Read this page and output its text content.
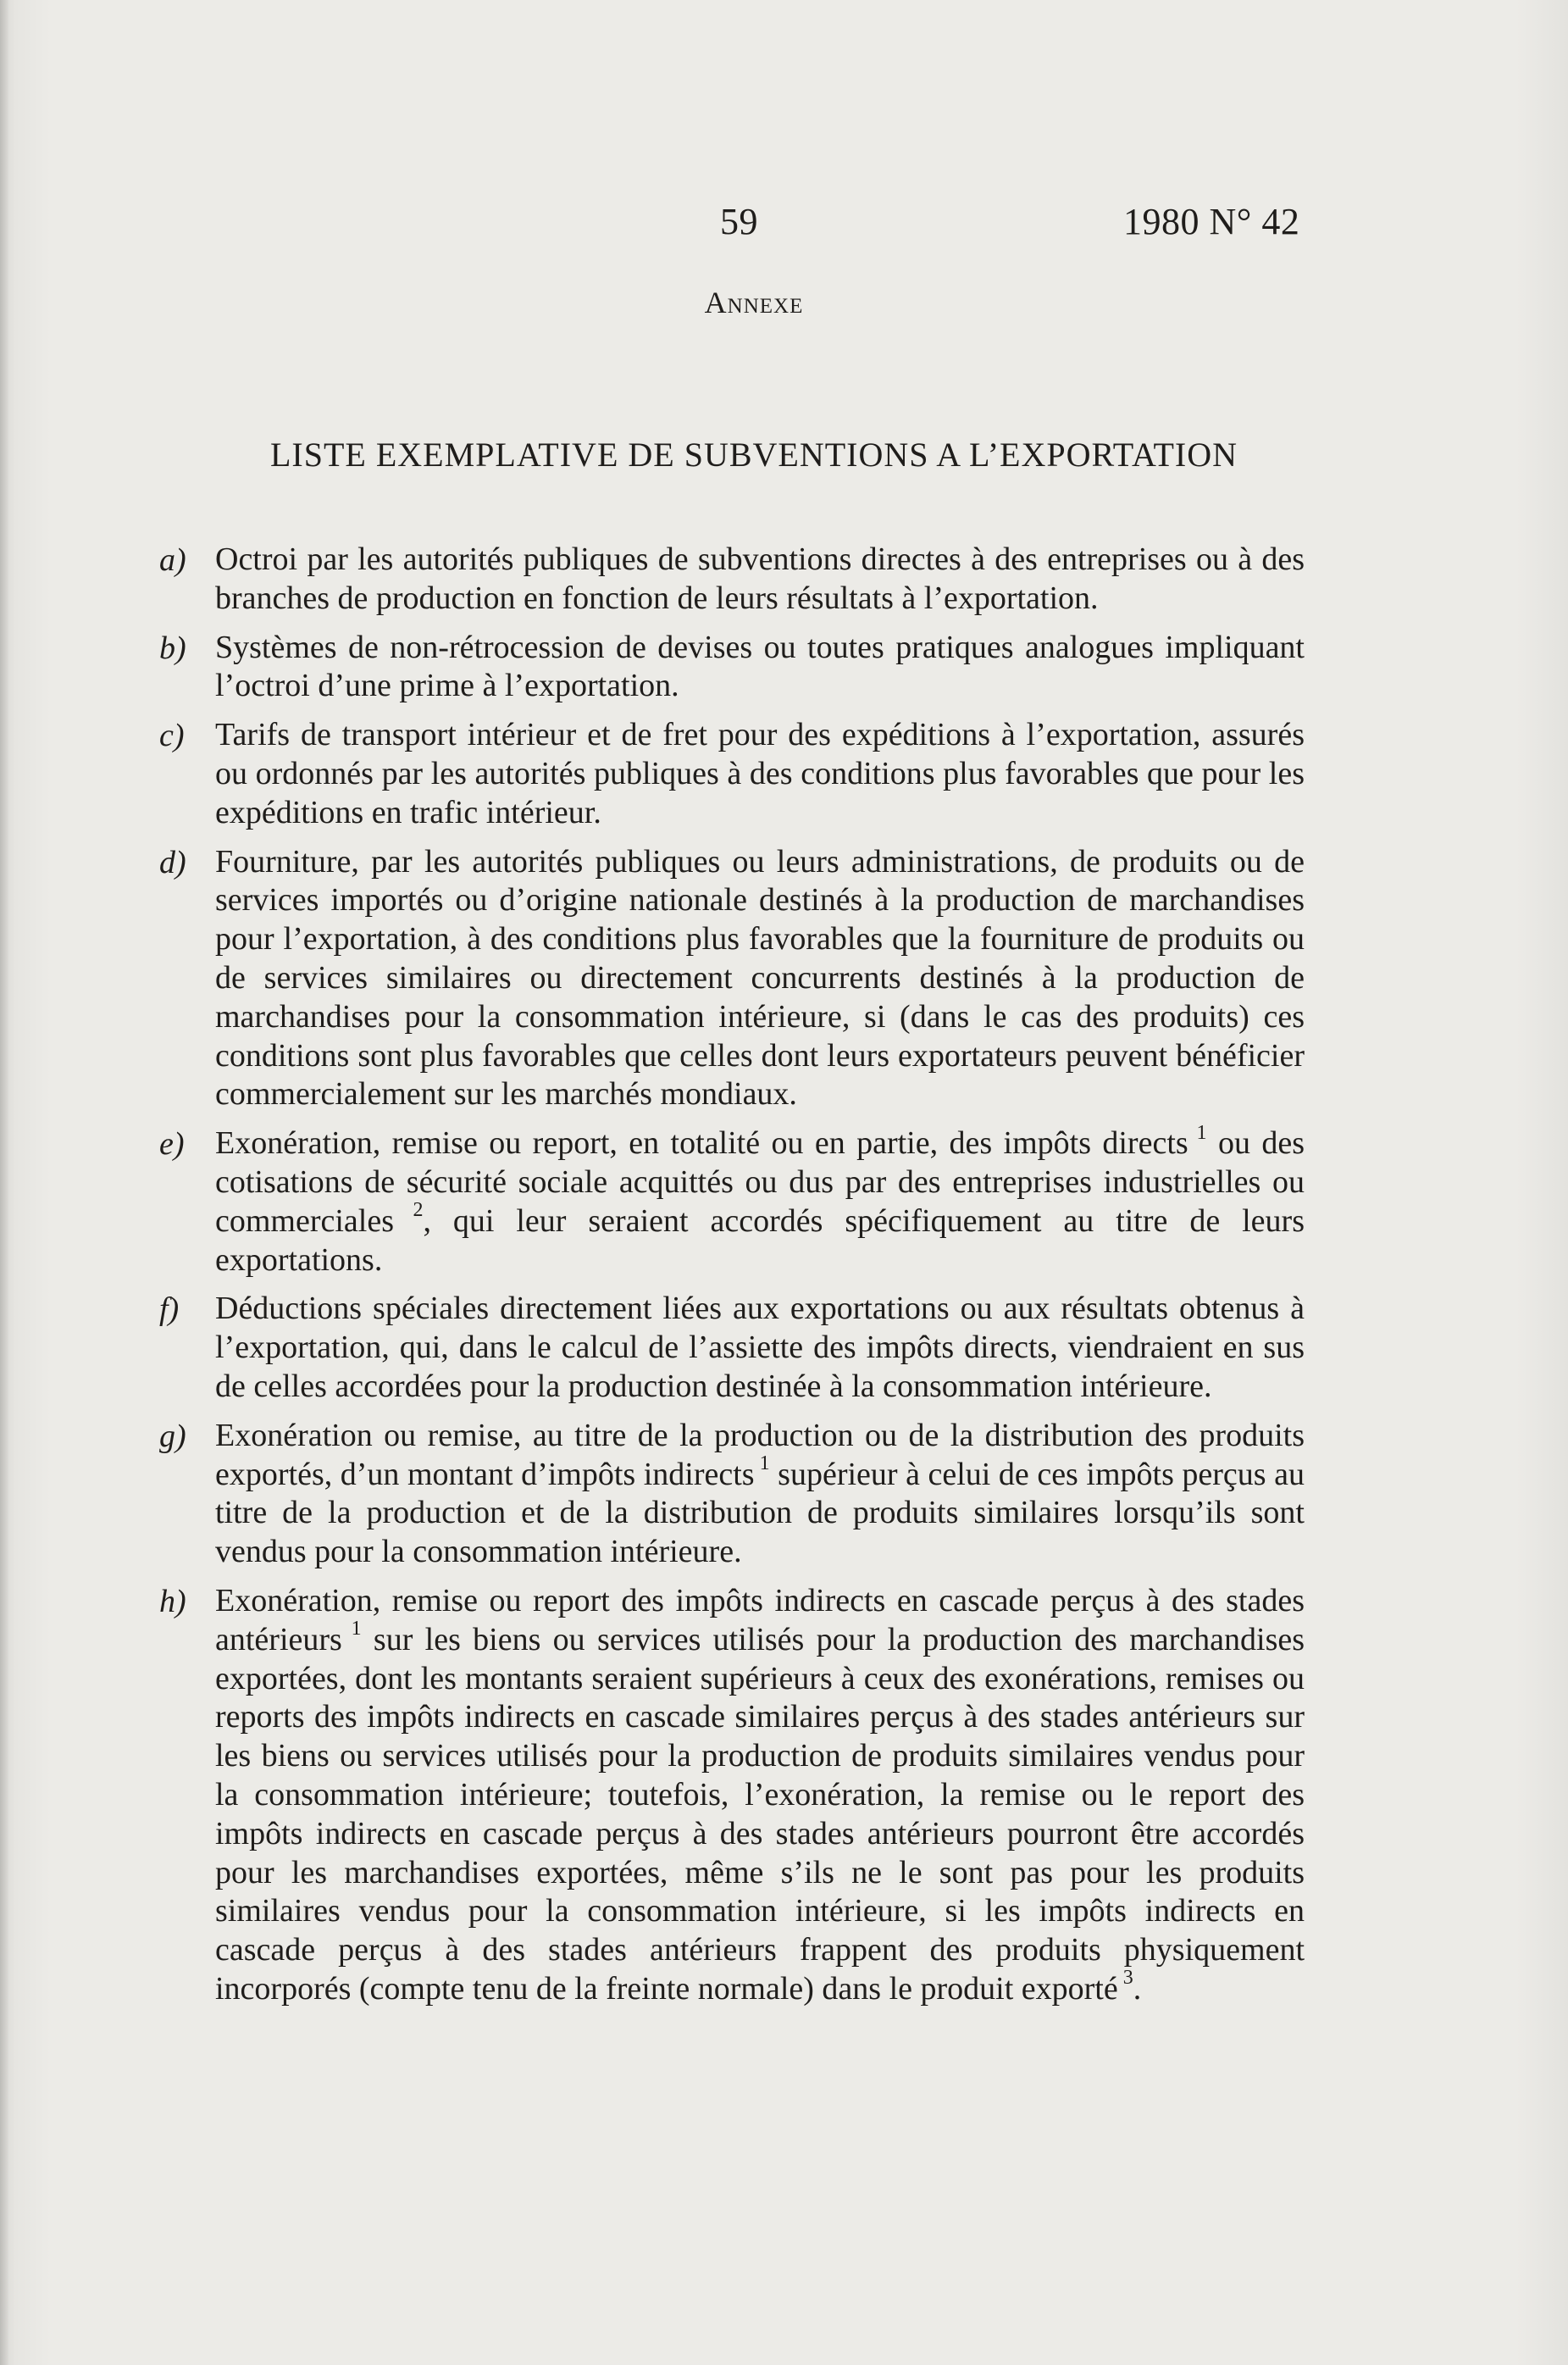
59	1980 N° 42
Annexe
LISTE EXEMPLATIVE DE SUBVENTIONS A L’EXPORTATION
a) Octroi par les autorités publiques de subventions directes à des entreprises ou à des branches de production en fonction de leurs résultats à l’exportation.
b) Systèmes de non-rétrocession de devises ou toutes pratiques analogues impliquant l’octroi d’une prime à l’exportation.
c) Tarifs de transport intérieur et de fret pour des expéditions à l’exportation, assurés ou ordonnés par les autorités publiques à des conditions plus favorables que pour les expéditions en trafic intérieur.
d) Fourniture, par les autorités publiques ou leurs administrations, de produits ou de services importés ou d’origine nationale destinés à la production de marchandises pour l’exportation, à des conditions plus favorables que la fourniture de produits ou de services similaires ou directement concurrents destinés à la production de marchandises pour la consommation intérieure, si (dans le cas des produits) ces conditions sont plus favorables que celles dont leurs exportateurs peuvent bénéficier commercialement sur les marchés mondiaux.
e) Exonération, remise ou report, en totalité ou en partie, des impôts directs $^1$ ou des cotisations de sécurité sociale acquittés ou dus par des entreprises industrielles ou commerciales $^2$, qui leur seraient accordés spécifiquement au titre de leurs exportations.
f)	Déductions spéciales directement liées aux exportations ou aux résultats obtenus à l’exportation, qui, dans le calcul de l’assiette des impôts directs, viendraient en sus de celles accordées pour la production destinée à la consommation intérieure.
g) Exonération ou remise, au titre de la production ou de la distribution des produits exportés, d’un montant d’impôts indirects $^1$ supérieur à celui de ces impôts perçus au titre de la production et de la distribution de produits similaires lorsqu’ils sont vendus pour la consommation intérieure.
h) Exonération, remise ou report des impôts indirects en cascade perçus à des stades antérieurs $^1$ sur les biens ou services utilisés pour la production des marchandises exportées, dont les montants seraient supérieurs à ceux des exonérations, remises ou reports des impôts indirects en cascade similaires perçus à des stades antérieurs sur les biens ou services utilisés pour la production de produits similaires vendus pour la consommation intérieure; toutefois, l’exonération, la remise ou le report des impôts indirects en cascade perçus à des stades antérieurs pourront être accordés pour les marchandises exportées, même s’ils ne le sont pas pour les produits similaires vendus pour la consommation intérieure, si les impôts indirects en cascade perçus à des stades antérieurs frappent des produits physiquement incorporés (compte tenu de la freinte normale) dans le produit exporté $^3$.
